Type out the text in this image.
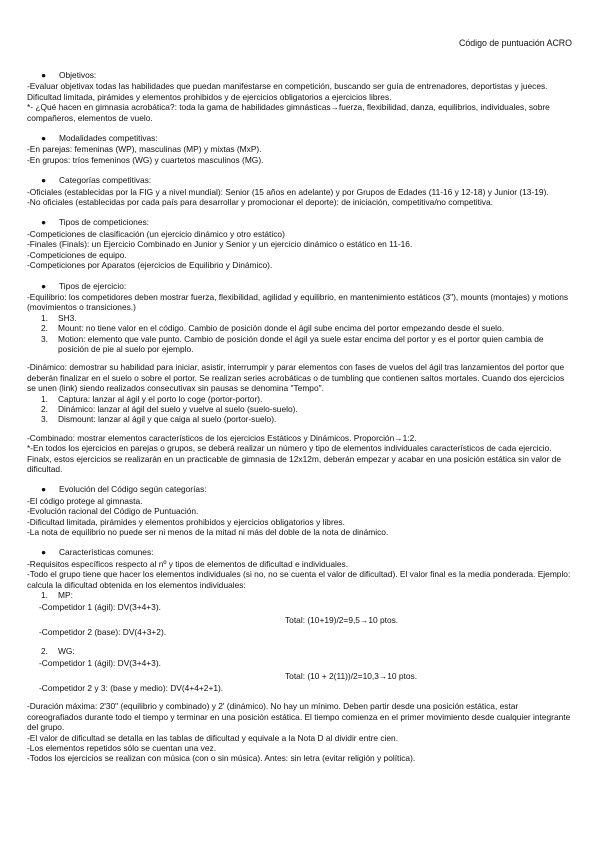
Código de puntuación ACRO
● Objetivos:

-Evaluar objetivax todas las habilidades que puedan manifestarse en competición, buscando ser guía de entrenadores, deportistas y jueces. Dificultad limitada, pirámides y elementos prohibidos y de ejercicios obligatorios a ejercicios libres.

*- ¿Qué hacen en gimnasia acrobática?: toda la gama de habilidades gimnásticas→fuerza, flexibilidad, danza, equilibrios, individuales, sobre compañeros, elementos de vuelo.

● Modalidades competitivas:

-En parejas: femeninas (WP), masculinas (MP) y mixtas (MxP).

-En grupos: tríos femeninos (WG) y cuartetos masculinos (MG).

● Categorías competitivas:

-Oficiales (establecidas por la FIG y a nivel mundial): Senior (15 años en adelante) y por Grupos de Edades (11-16 y 12-18) y Junior (13-19).

-No oficiales (establecidas por cada país para desarrollar y promocionar el deporte): de iniciación, competitiva/no competitiva.

● Tipos de competiciones:

-Competiciones de clasificación (un ejercicio dinámico y otro estático)

-Finales (Finals): un Ejercicio Combinado en Junior y Senior y un ejercicio dinámico o estático en 11-16.

-Competiciones de equipo.

-Competiciones por Aparatos (ejercicios de Equilibrio y Dinámico).

● Tipos de ejercicio:

-Equilibrio: los competidores deben mostrar fuerza, flexibilidad, agilidad y equilibrio, en mantenimiento estáticos (3"), mounts (montajes) y motions (movimientos o transiciones.)

1.	SH3.
2.	Mount: no tiene valor en el código. Cambio de posición donde el ágil sube encima del portor empezando desde el suelo.
3.	Motion: elemento que vale punto. Cambio de posición donde el ágil ya suele estar encima del portor y es el portor quien cambia de posición de pie al suelo por ejemplo.

-Dinámico: demostrar su habilidad para iniciar, asistir, interrumpir y parar elementos con fases de vuelos del ágil tras lanzamientos del portor que deberán finalizar en el suelo o sobre el portor. Se realizan series acrobáticas o de tumbling que contienen saltos mortales. Cuando dos ejercicios se unen (link) siendo realizados consecutivax sin pausas se denomina "Tempo".

1.	Captura: lanzar al ágil y el porto lo coge (portor-portor).
2.	Dinámico: lanzar al ágil del suelo y vuelve al suelo (suelo-suelo).
3.	Dismount: lanzar al ágil y que caiga al suelo (portor-suelo).

-Combinado: mostrar elementos característicos de los ejercicios Estáticos y Dinámicos. Proporción→1:2.

*-En todos los ejercicios en parejas o grupos, se deberá realizar un número y tipo de elementos individuales característicos de cada ejercicio. Finalx, estos ejercicios se realizarán en un practicable de gimnasia de 12x12m, deberán empezar y acabar en una posición estática sin valor de dificultad.

● Evolución del Código según categorías:

-El código protege al gimnasta.

-Evolución racional del Código de Puntuación.

-Dificultad limitada, pirámides y elementos prohibidos y ejercicios obligatorios y libres.

-La nota de equilibrio no puede ser ni menos de la mitad ni más del doble de la nota de dinámico.

● Características comunes:

-Requisitos específicos respecto al nº y tipos de elementos de dificultad e individuales.

-Todo el grupo tiene que hacer los elementos individuales (si no, no se cuenta el valor de dificultad). El valor final es la media ponderada. Ejemplo: calcula la dificultad obtenida en los elementos individuales:

1.	MP:
-Competidor 1 (ágil): DV(3+4+3).
Total: (10+19)/2=9,5→10 ptos.
-Competidor 2 (base): DV(4+3+2).
2.	WG:
-Competidor 1 (ágil): DV(3+4+3).
Total: (10 + 2(11))/2=10,3→10 ptos.
-Competidor 2 y 3: (base y medio): DV(4+4+2+1).

-Duración máxima: 2'30" (equilibrio y combinado) y 2' (dinámico). No hay un mínimo. Deben partir desde una posición estática, estar coreografiados durante todo el tiempo y terminar en una posición estática. El tiempo comienza en el primer movimiento desde cualquier integrante del grupo.

-El valor de dificultad se detalla en las tablas de dificultad y equivale a la Nota D al dividir entre cien.

-Los elementos repetidos sólo se cuentan una vez.

-Todos los ejercicios se realizan con música (con o sin música). Antes: sin letra (evitar religión y política).
